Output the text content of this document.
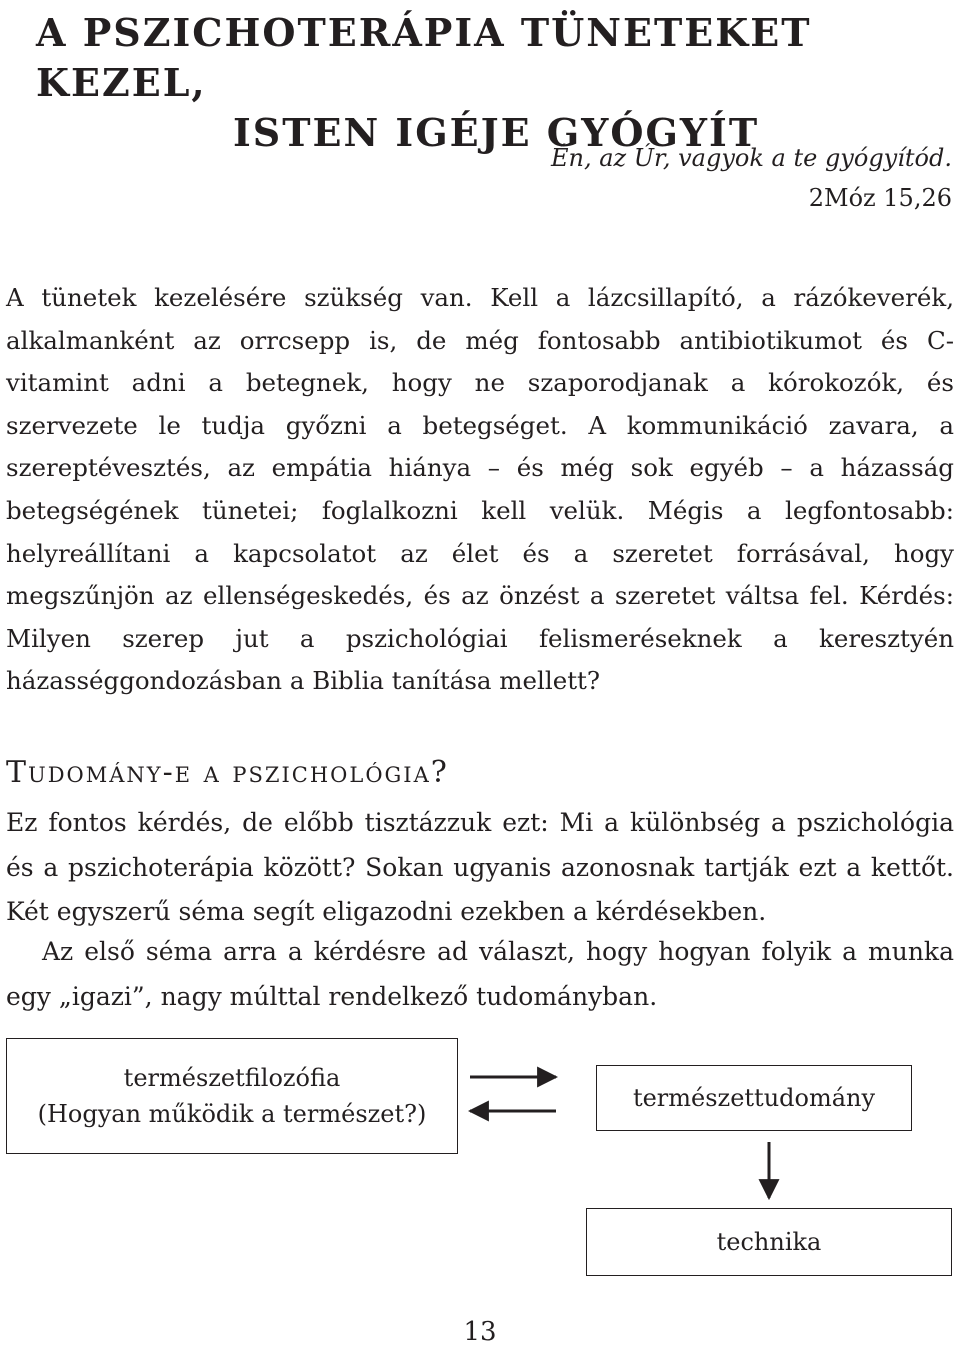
A PSZICHOTERÁPIA TÜNETEKET KEZEL,
ISTEN IGÉJE GYÓGYÍT
Én, az Úr, vagyok a te gyógyítód.
2Móz 15,26

A tünetek kezelésére szükség van. Kell a lázcsillapító, a rázókeverék, alkalmanként az orrcsepp is, de még fontosabb antibiotikumot és C-vitamint adni a betegnek, hogy ne szaporodjanak a kórokozók, és szervezete le tudja győzni a betegséget. A kommunikáció zavara, a szereptévesztés, az empátia hiánya – és még sok egyéb – a házasság betegségének tünetei; foglalkozni kell velük. Mégis a legfontosabb: helyreállítani a kapcsolatot az élet és a szeretet forrásával, hogy megszűnjön az ellenségeskedés, és az önzést a szeretet váltsa fel. Kérdés: Milyen szerep jut a pszichológiai felismeréseknek a keresztyén házasséggondozásban a Biblia tanítása mellett?

Tudomány-e a pszichológia?

Ez fontos kérdés, de előbb tisztázzuk ezt: Mi a különbség a pszichológia és a pszichoterápia között? Sokan ugyanis azonosnak tartják ezt a kettőt. Két egyszerű séma segít eligazodni ezekben a kérdésekben.

Az első séma arra a kérdésre ad választ, hogy hogyan folyik a munka egy „igazi”, nagy múlttal rendelkező tudományban.

természetfilozófia
(Hogyan működik a természet?)
természettudomány
technika
13
